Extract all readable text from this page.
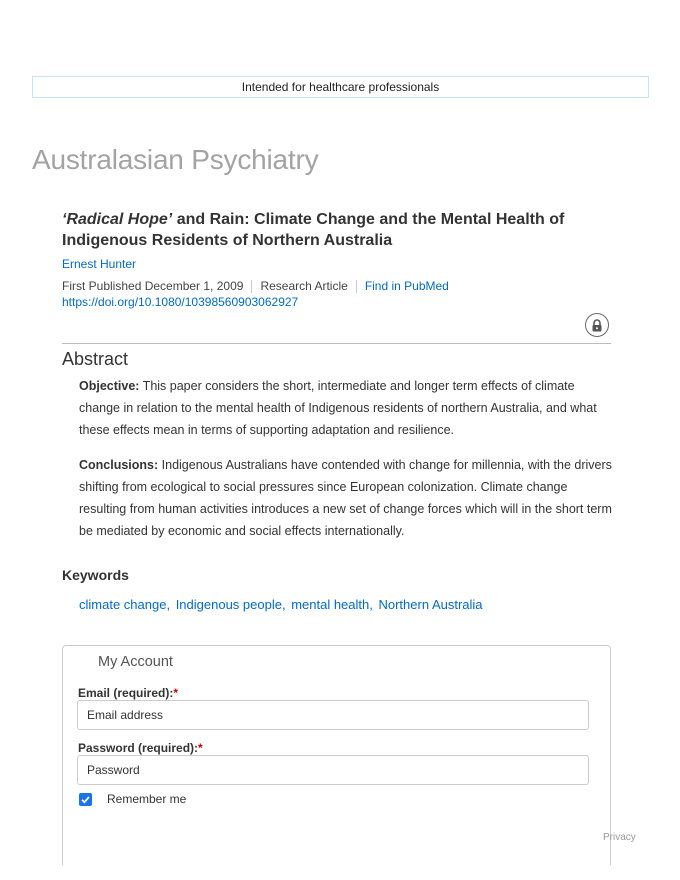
Intended for healthcare professionals
Australasian Psychiatry
‘Radical Hope’ and Rain: Climate Change and the Mental Health of Indigenous Residents of Northern Australia
Ernest Hunter
First Published December 1, 2009 Research Article Find in PubMed
https://doi.org/10.1080/10398560903062927
Abstract
Objective: This paper considers the short, intermediate and longer term effects of climate change in relation to the mental health of Indigenous residents of northern Australia, and what these effects mean in terms of supporting adaptation and resilience.
Conclusions: Indigenous Australians have contended with change for millennia, with the drivers shifting from ecological to social pressures since European colonization. Climate change resulting from human activities introduces a new set of change forces which will in the short term be mediated by economic and social effects internationally.
Keywords
climate change, Indigenous people, mental health, Northern Australia
My Account
Email (required):*
Email address
Password (required):*
Remember me
Privacy
